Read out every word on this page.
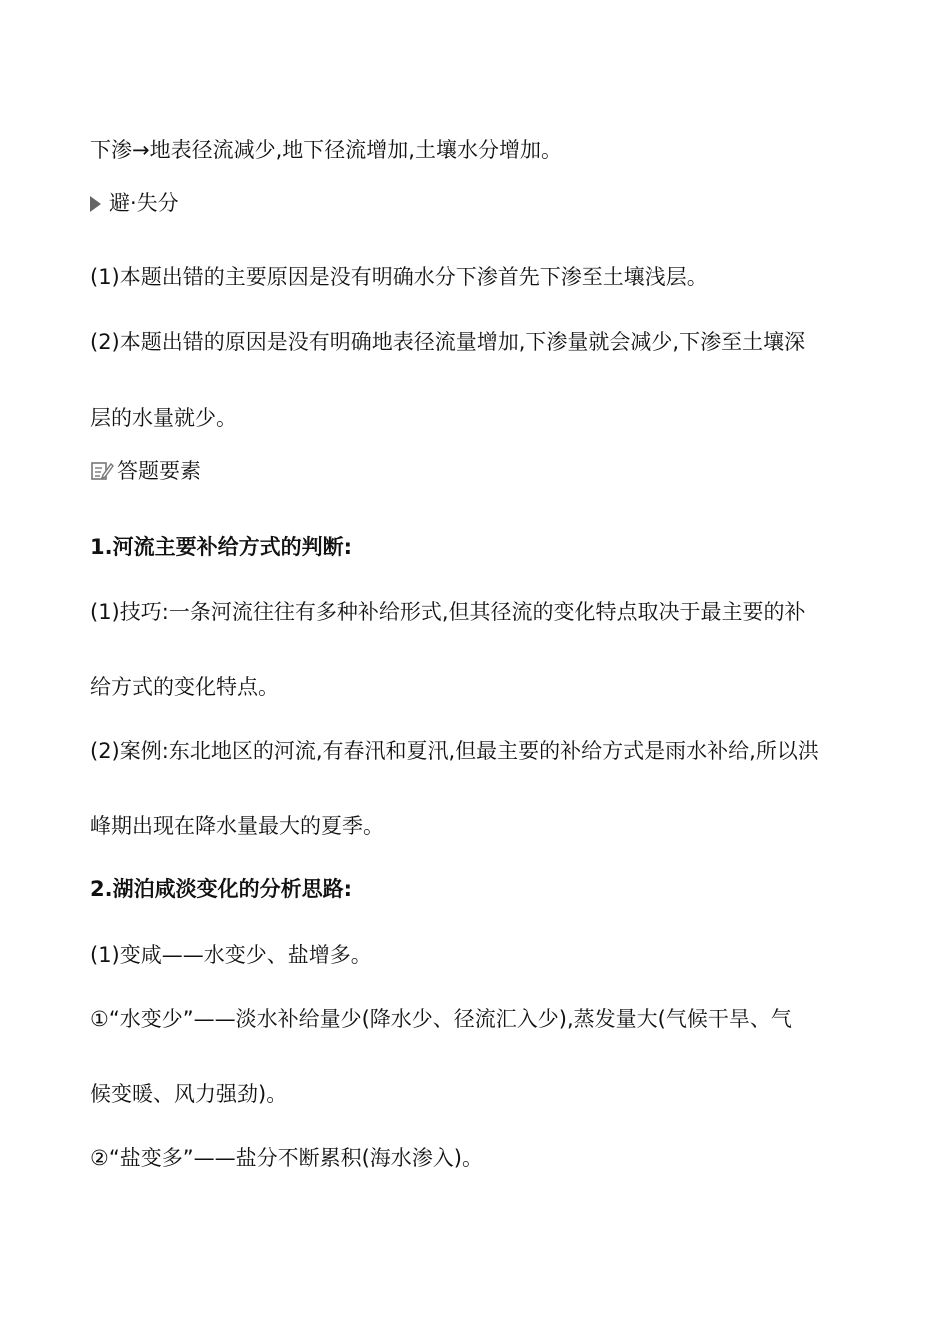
下渗→地表径流减少,地下径流增加,土壤水分增加。
避·失分
(1)本题出错的主要原因是没有明确水分下渗首先下渗至土壤浅层。
(2)本题出错的原因是没有明确地表径流量增加,下渗量就会减少,下渗至土壤深
层的水量就少。
答题要素
1.河流主要补给方式的判断:
(1)技巧:一条河流往往有多种补给形式,但其径流的变化特点取决于最主要的补
给方式的变化特点。
(2)案例:东北地区的河流,有春汛和夏汛,但最主要的补给方式是雨水补给,所以洪
峰期出现在降水量最大的夏季。
2.湖泊咸淡变化的分析思路:
(1)变咸——水变少、盐增多。
①“水变少”——淡水补给量少(降水少、径流汇入少),蒸发量大(气候干旱、气
候变暖、风力强劲)。
②“盐变多”——盐分不断累积(海水渗入)。
